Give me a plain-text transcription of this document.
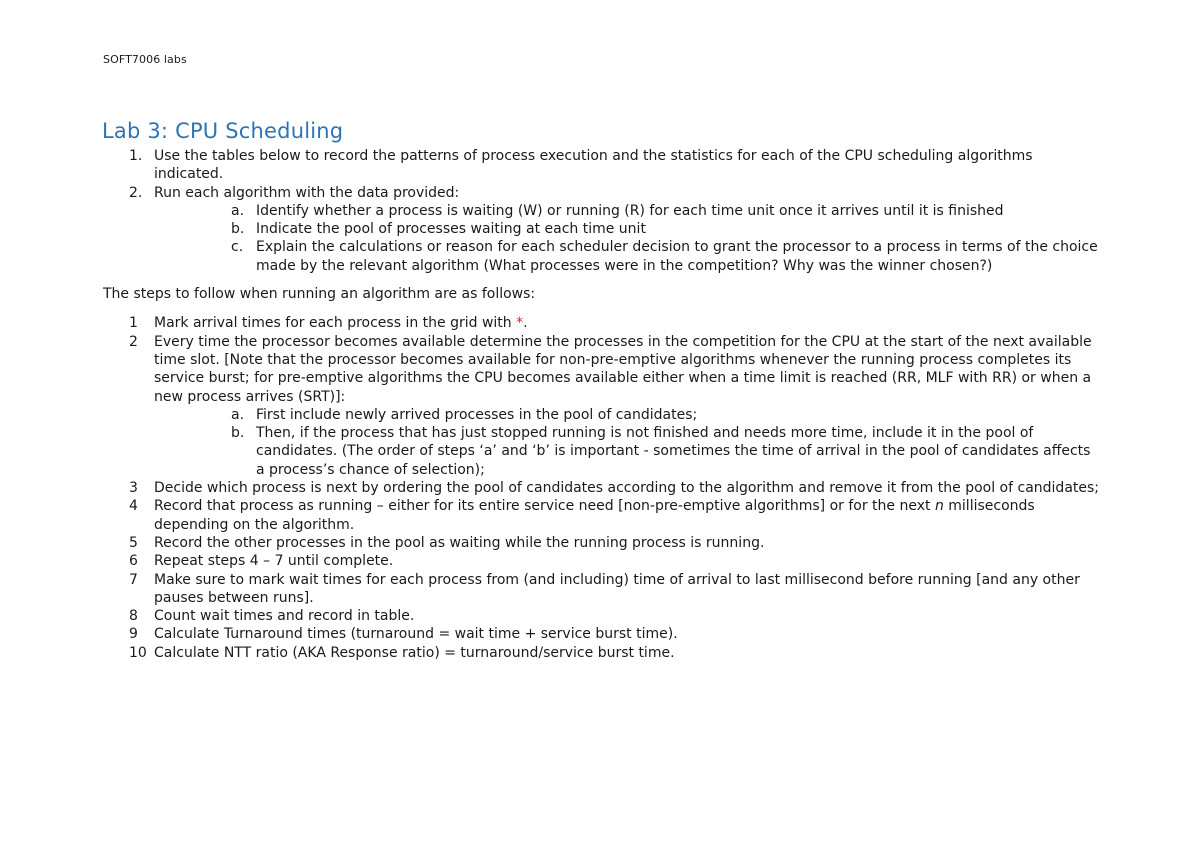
SOFT7006 labs
Lab 3: CPU Scheduling
1. Use the tables below to record the patterns of process execution and the statistics for each of the CPU scheduling algorithms indicated.
2. Run each algorithm with the data provided:
a. Identify whether a process is waiting (W) or running (R) for each time unit once it arrives until it is finished
b. Indicate the pool of processes waiting at each time unit
c. Explain the calculations or reason for each scheduler decision to grant the processor to a process in terms of the choice made by the relevant algorithm (What processes were in the competition? Why was the winner chosen?)

The steps to follow when running an algorithm are as follows:

1 Mark arrival times for each process in the grid with *.
2 Every time the processor becomes available determine the processes in the competition for the CPU at the start of the next available time slot. [Note that the processor becomes available for non-pre-emptive algorithms whenever the running process completes its service burst; for pre-emptive algorithms the CPU becomes available either when a time limit is reached (RR, MLF with RR) or when a new process arrives (SRT)]:
a. First include newly arrived processes in the pool of candidates;
b. Then, if the process that has just stopped running is not finished and needs more time, include it in the pool of candidates. (The order of steps ‘a’ and ‘b’ is important - sometimes the time of arrival in the pool of candidates affects a process’s chance of selection);
3 Decide which process is next by ordering the pool of candidates according to the algorithm and remove it from the pool of candidates;
4 Record that process as running – either for its entire service need [non-pre-emptive algorithms] or for the next n milliseconds depending on the algorithm.
5 Record the other processes in the pool as waiting while the running process is running.
6 Repeat steps 4 – 7 until complete.
7 Make sure to mark wait times for each process from (and including) time of arrival to last millisecond before running [and any other pauses between runs].
8 Count wait times and record in table.
9 Calculate Turnaround times (turnaround = wait time + service burst time).
10 Calculate NTT ratio (AKA Response ratio) = turnaround/service burst time.
